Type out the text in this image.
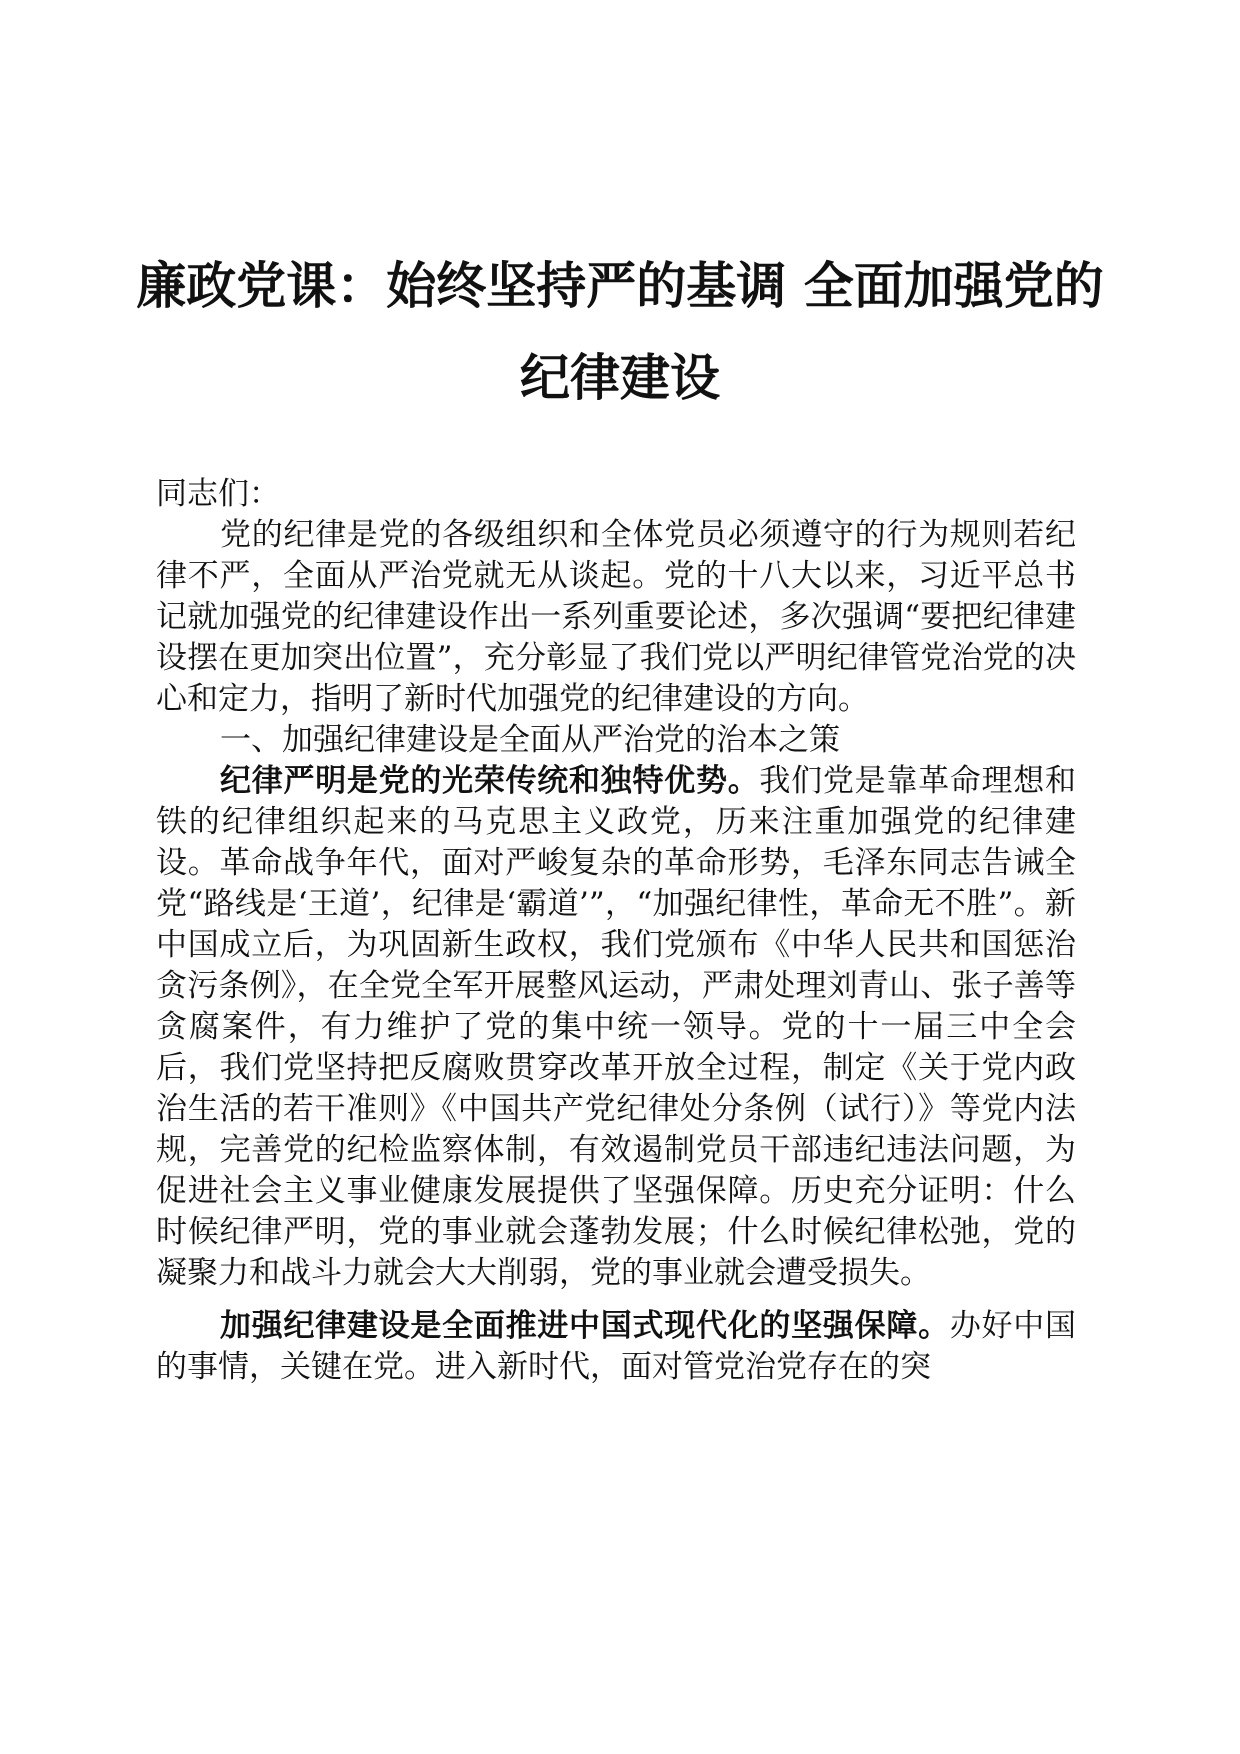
廉政党课：始终坚持严的基调 全面加强党的
纪律建设

同志们：

党的纪律是党的各级组织和全体党员必须遵守的行为规则若纪律不严，全面从严治党就无从谈起。党的十八大以来，习近平总书记就加强党的纪律建设作出一系列重要论述，多次强调“要把纪律建设摆在更加突出位置”，充分彰显了我们党以严明纪律管党治党的决心和定力，指明了新时代加强党的纪律建设的方向。

一、加强纪律建设是全面从严治党的治本之策

纪律严明是党的光荣传统和独特优势。我们党是靠革命理想和铁的纪律组织起来的马克思主义政党，历来注重加强党的纪律建设。革命战争年代，面对严峻复杂的革命形势，毛泽东同志告诫全党“路线是‘王道’，纪律是‘霸道’”，“加强纪律性，革命无不胜”。新中国成立后，为巩固新生政权，我们党颁布《中华人民共和国惩治贪污条例》，在全党全军开展整风运动，严肃处理刘青山、张子善等贪腐案件，有力维护了党的集中统一领导。党的十一届三中全会后，我们党坚持把反腐败贯穿改革开放全过程，制定《关于党内政治生活的若干准则》《中国共产党纪律处分条例（试行）》等党内法规，完善党的纪检监察体制，有效遏制党员干部违纪违法问题，为促进社会主义事业健康发展提供了坚强保障。历史充分证明：什么时候纪律严明，党的事业就会蓬勃发展；什么时候纪律松弛，党的凝聚力和战斗力就会大大削弱，党的事业就会遭受损失。

加强纪律建设是全面推进中国式现代化的坚强保障。办好中国的事情，关键在党。进入新时代，面对管党治党存在的突
